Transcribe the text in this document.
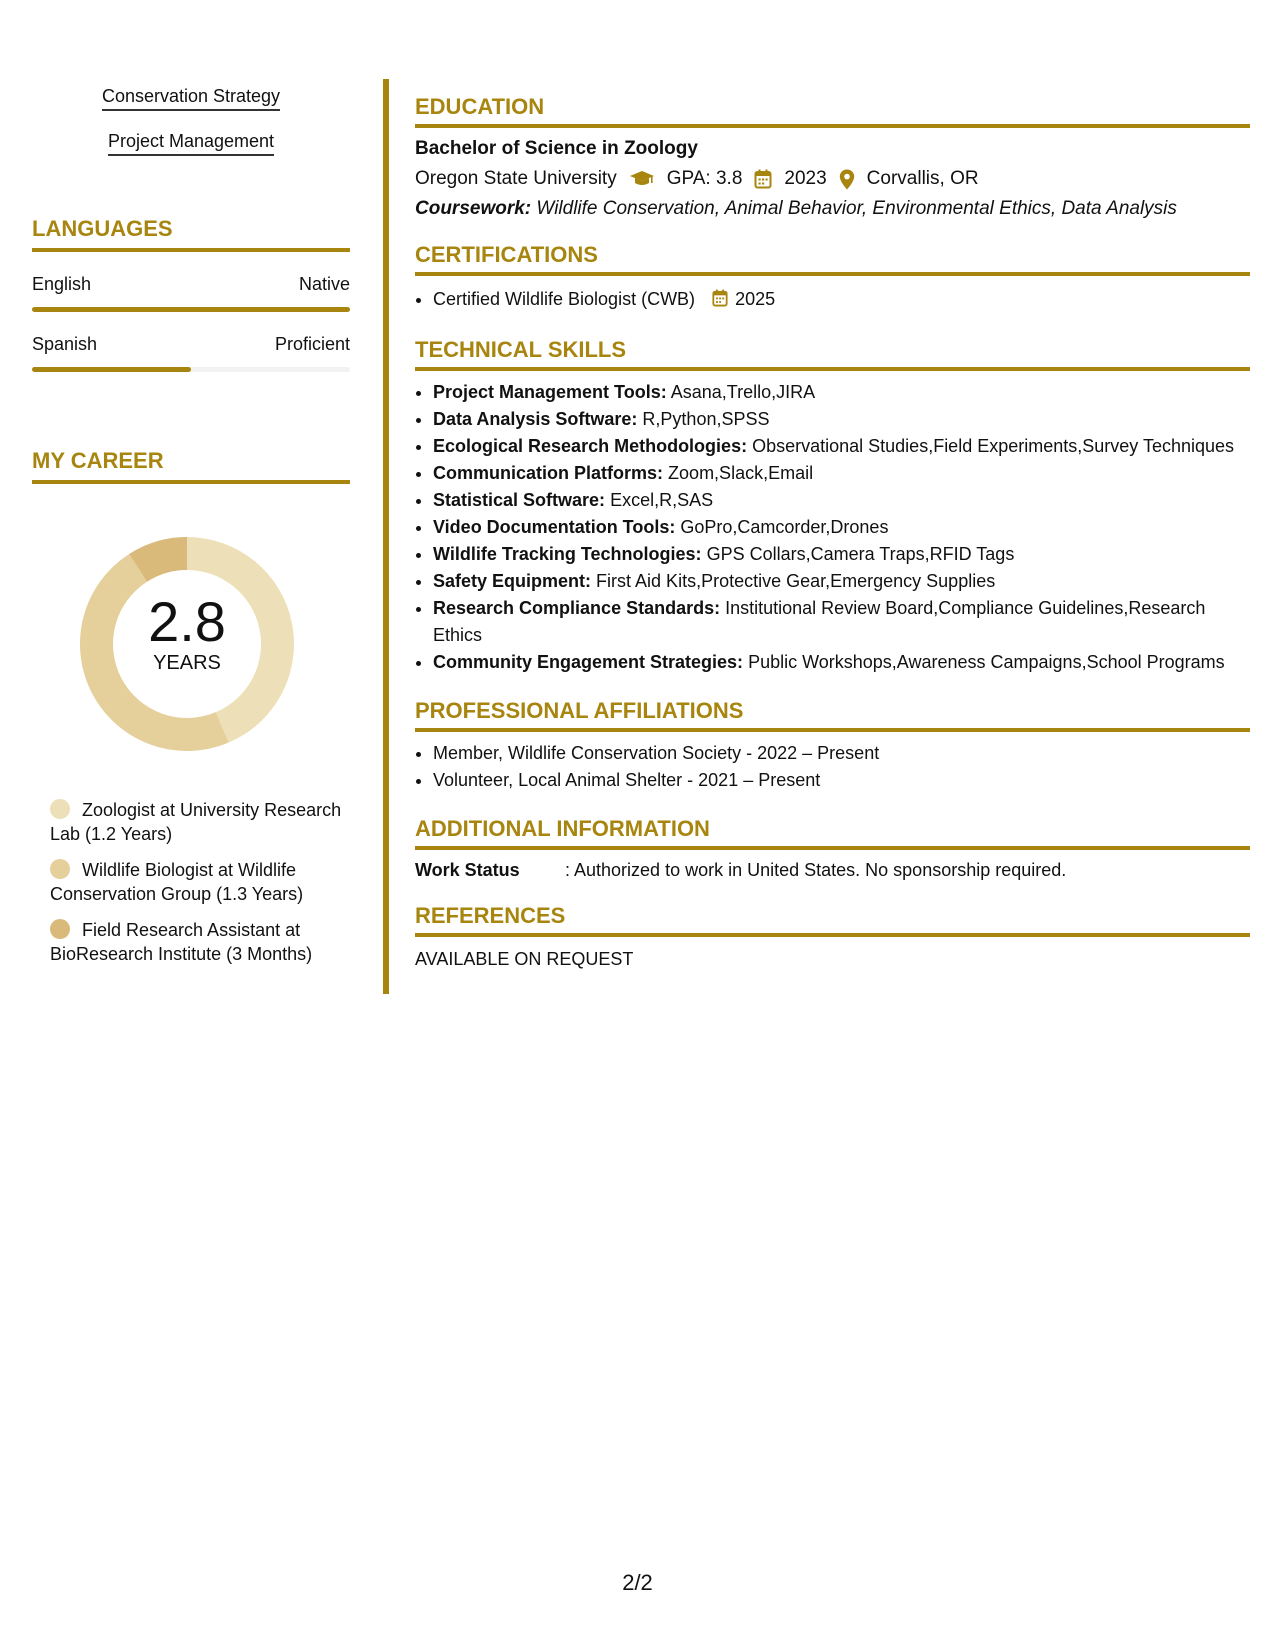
Conservation Strategy
Project Management
LANGUAGES
English	Native
Spanish	Proficient
MY CAREER
2.8
YEARS
Zoologist at University Research Lab (1.2 Years)
Wildlife Biologist at Wildlife Conservation Group (1.3 Years)
Field Research Assistant at BioResearch Institute (3 Months)
EDUCATION
Bachelor of Science in Zoology
Oregon State University	GPA: 3.8 2023 Corvallis, OR
Coursework: Wildlife Conservation, Animal Behavior, Environmental Ethics, Data Analysis
CERTIFICATIONS
• Certified Wildlife Biologist (CWB) 2025
TECHNICAL SKILLS
• Project Management Tools: Asana,Trello,JIRA
• Data Analysis Software: R,Python,SPSS
• Ecological Research Methodologies: Observational Studies,Field Experiments,Survey Techniques
• Communication Platforms: Zoom,Slack,Email
• Statistical Software: Excel,R,SAS
• Video Documentation Tools: GoPro,Camcorder,Drones
• Wildlife Tracking Technologies: GPS Collars,Camera Traps,RFID Tags
• Safety Equipment: First Aid Kits,Protective Gear,Emergency Supplies
• Research Compliance Standards: Institutional Review Board,Compliance Guidelines,Research Ethics
• Community Engagement Strategies: Public Workshops,Awareness Campaigns,School Programs
PROFESSIONAL AFFILIATIONS
• Member, Wildlife Conservation Society - 2022 – Present
• Volunteer, Local Animal Shelter - 2021 – Present
ADDITIONAL INFORMATION
Work Status	: Authorized to work in United States. No sponsorship required.
REFERENCES
AVAILABLE ON REQUEST
2/2
